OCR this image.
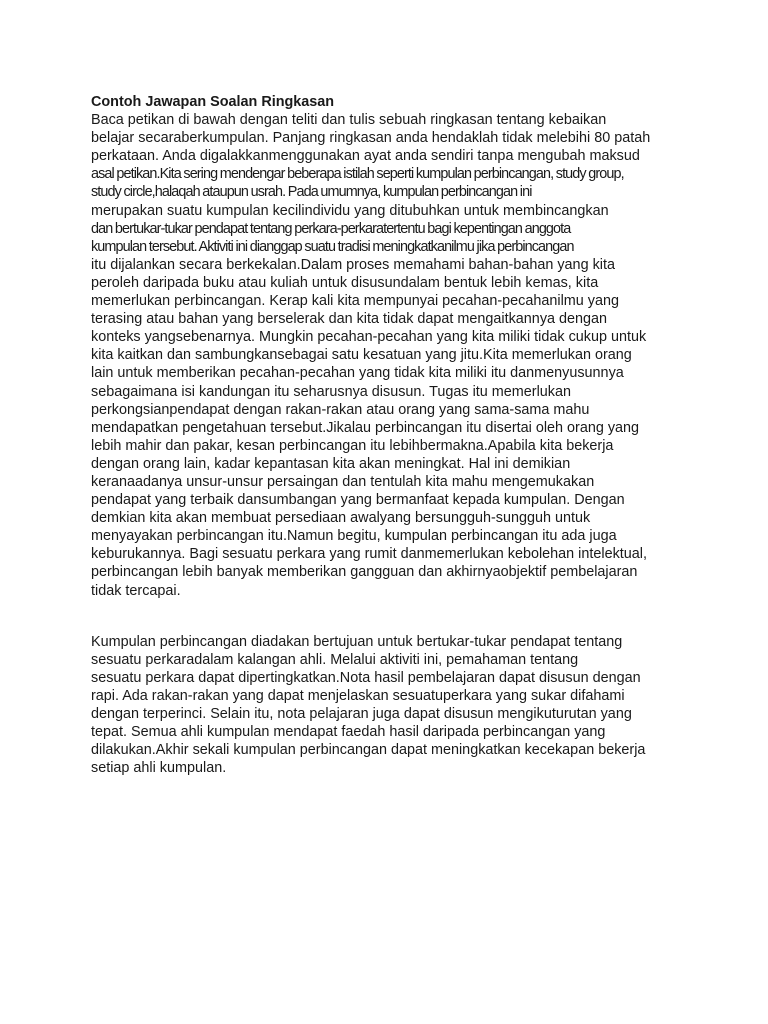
Contoh Jawapan Soalan Ringkasan

Baca petikan di bawah dengan teliti dan tulis sebuah ringkasan tentang kebaikan
belajar secaraberkumpulan. Panjang ringkasan anda hendaklah tidak melebihi 80 patah
perkataan. Anda digalakkanmenggunakan ayat anda sendiri tanpa mengubah maksud
asal petikan.Kita sering mendengar beberapa istilah seperti kumpulan perbincangan, study group,
study circle,halaqah ataupun usrah. Pada umumnya, kumpulan perbincangan ini
merupakan suatu kumpulan kecilindividu yang ditubuhkan untuk membincangkan
dan bertukar-tukar pendapat tentang perkara-perkaratertentu bagi kepentingan anggota
kumpulan tersebut. Aktiviti ini dianggap suatu tradisi meningkatkanilmu jika perbincangan
itu dijalankan secara berkekalan.Dalam proses memahami bahan-bahan yang kita
peroleh daripada buku atau kuliah untuk disusundalam bentuk lebih kemas, kita
memerlukan perbincangan. Kerap kali kita mempunyai pecahan-pecahanilmu yang
terasing atau bahan yang berselerak dan kita tidak dapat mengaitkannya dengan
konteks yangsebenarnya. Mungkin pecahan-pecahan yang kita miliki tidak cukup untuk
kita kaitkan dan sambungkansebagai satu kesatuan yang jitu.Kita memerlukan orang
lain untuk memberikan pecahan-pecahan yang tidak kita miliki itu danmenyusunnya
sebagaimana isi kandungan itu seharusnya disusun. Tugas itu memerlukan
perkongsianpendapat dengan rakan-rakan atau orang yang sama-sama mahu
mendapatkan pengetahuan tersebut.Jikalau perbincangan itu disertai oleh orang yang
lebih mahir dan pakar, kesan perbincangan itu lebihbermakna.Apabila kita bekerja
dengan orang lain, kadar kepantasan kita akan meningkat. Hal ini demikian
keranaadanya unsur-unsur persaingan dan tentulah kita mahu mengemukakan
pendapat yang terbaik dansumbangan yang bermanfaat kepada kumpulan. Dengan
demkian kita akan membuat persediaan awalyang bersungguh-sungguh untuk
menyayakan perbincangan itu.Namun begitu, kumpulan perbincangan itu ada juga
keburukannya. Bagi sesuatu perkara yang rumit danmemerlukan kebolehan intelektual,
perbincangan lebih banyak memberikan gangguan dan akhirnyaobjektif pembelajaran
tidak tercapai.
Kumpulan perbincangan diadakan bertujuan untuk bertukar-tukar pendapat tentang
sesuatu perkaradalam kalangan ahli. Melalui aktiviti ini, pemahaman tentang
sesuatu perkara dapat dipertingkatkan.Nota hasil pembelajaran dapat disusun dengan
rapi. Ada rakan-rakan yang dapat menjelaskan sesuatuperkara yang sukar difahami
dengan terperinci. Selain itu, nota pelajaran juga dapat disusun mengikuturutan yang
tepat. Semua ahli kumpulan mendapat faedah hasil daripada perbincangan yang
dilakukan.Akhir sekali kumpulan perbincangan dapat meningkatkan kecekapan bekerja
setiap ahli kumpulan.
